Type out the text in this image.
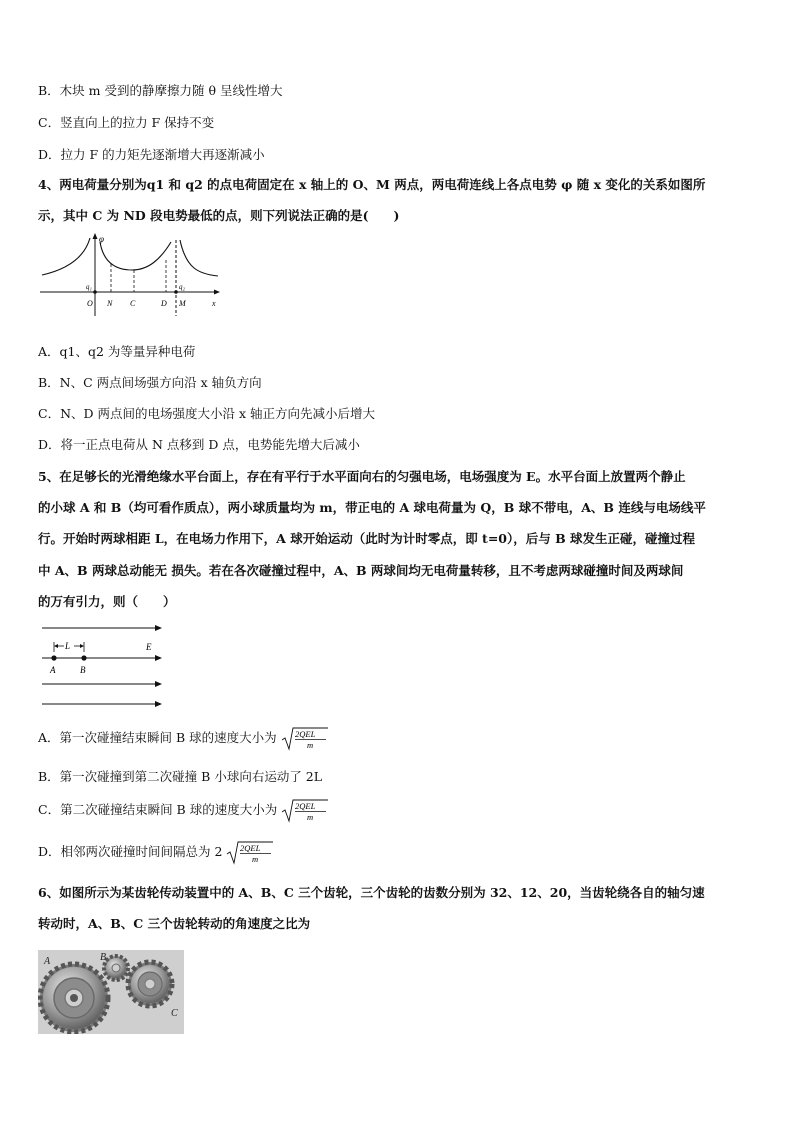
B．木块 m 受到的静摩擦力随 θ 呈线性增大
C．竖直向上的拉力 F 保持不变
D．拉力 F 的力矩先逐渐增大再逐渐减小
4、两电荷量分别为q1 和 q2 的点电荷固定在 x 轴上的 O、M 两点，两电荷连线上各点电势 φ 随 x 变化的关系如图所
示，其中 C 为 ND 段电势最低的点，则下列说法正确的是(　　)
φ
x
q₁	q₂
O N C	D M
A．q1、q2 为等量异种电荷
B．N、C 两点间场强方向沿 x 轴负方向
C．N、D 两点间的电场强度大小沿 x 轴正方向先减小后增大
D．将一正点电荷从 N 点移到 D 点，电势能先增大后减小
5、在足够长的光滑绝缘水平台面上，存在有平行于水平面向右的匀强电场，电场强度为 E。水平台面上放置两个静止
的小球 A 和 B（均可看作质点），两小球质量均为 m，带正电的 A 球电荷量为 Q，B 球不带电，A、B 连线与电场线平
行。开始时两球相距 L，在电场力作用下，A 球开始运动（此时为计时零点，即 t=0），后与 B 球发生正碰，碰撞过程
中 A、B 两球总动能无 损失。若在各次碰撞过程中，A、B 两球间均无电荷量转移，且不考虑两球碰撞时间及两球间
的万有引力，则（　　）
L	E
A	B
A．第一次碰撞结束瞬间 B 球的速度大小为 2QEL
m
B．第一次碰撞到第二次碰撞 B 小球向右运动了 2L
C．第二次碰撞结束瞬间 B 球的速度大小为 2QEL
m
D．相邻两次碰撞时间间隔总为 2 2QEL
m
6、如图所示为某齿轮传动装置中的 A、B、C 三个齿轮，三个齿轮的齿数分别为 32、12、20，当齿轮绕各自的轴匀速
转动时，A、B、C 三个齿轮转动的角速度之比为
A	B
C
